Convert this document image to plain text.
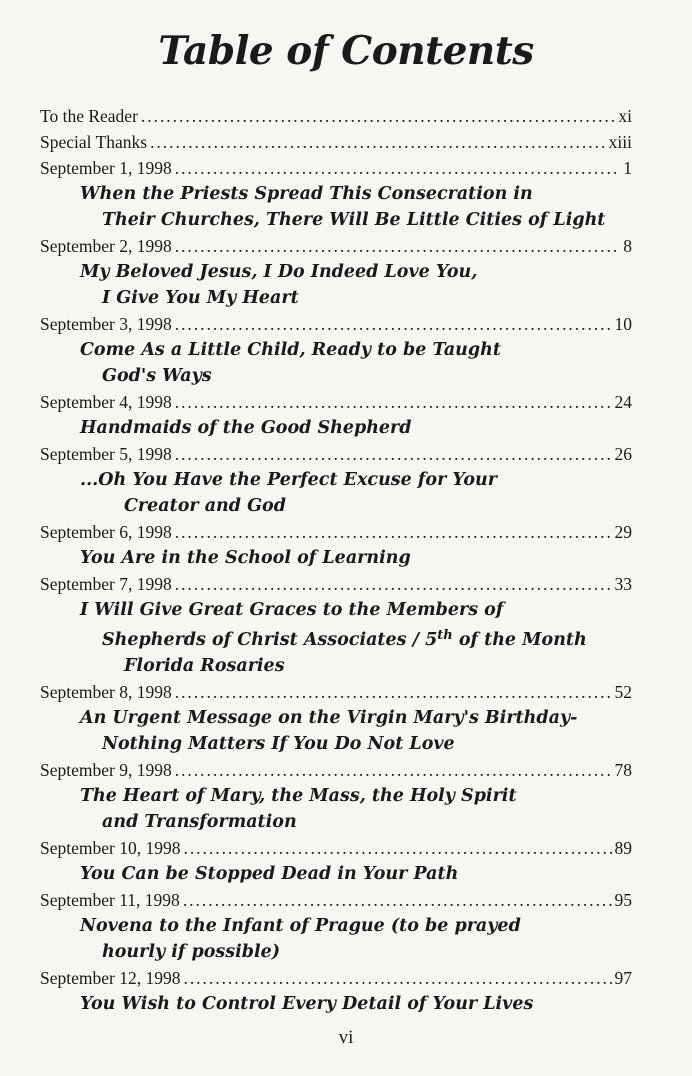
Table of Contents
To the Reader . . .	xi
Special Thanks . . .	xiii
September 1, 1998 . . .	1
When the Priests Spread This Consecration in
Their Churches, There Will Be Little Cities of Light
September 2, 1998 . . .	8
My Beloved Jesus, I Do Indeed Love You,
I Give You My Heart
September 3, 1998 . . .	10
Come As a Little Child, Ready to be Taught
God's Ways
September 4, 1998 . . .	24
Handmaids of the Good Shepherd
September 5, 1998 . . .	26
...Oh You Have the Perfect Excuse for Your
Creator and God
September 6, 1998 . . .	29
You Are in the School of Learning
September 7, 1998 . . .	33
I Will Give Great Graces to the Members of
Shepherds of Christ Associates / 5th of the Month
Florida Rosaries
September 8, 1998 . . .	52
An Urgent Message on the Virgin Mary's Birthday-
Nothing Matters If You Do Not Love
September 9, 1998 . . .	78
The Heart of Mary, the Mass, the Holy Spirit
and Transformation
September 10, 1998 . . .	89
You Can be Stopped Dead in Your Path
September 11, 1998 . . .	95
Novena to the Infant of Prague (to be prayed
hourly if possible)
September 12, 1998 . . .	97
You Wish to Control Every Detail of Your Lives
vi
